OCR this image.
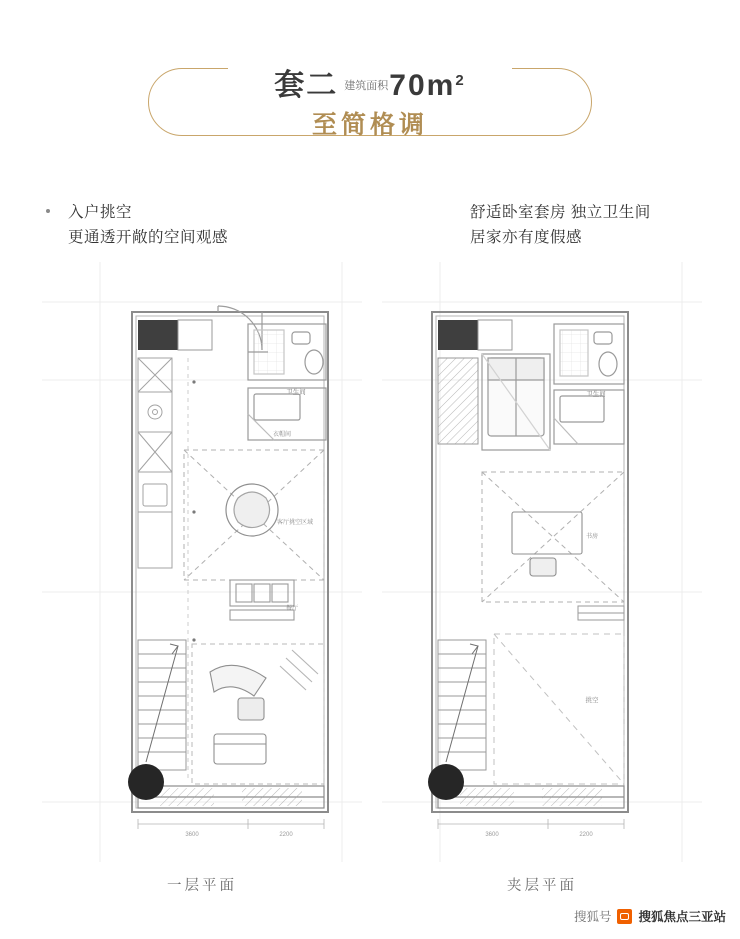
套二 $^{建筑面积}70m^2$
至简格调
入户挑空
更通透开敞的空间观感
舒适卧室套房 独立卫生间
居家亦有度假感
卫生间
衣帽间
客厅挑空区域
餐厅
3600	2200
一层平面
卫生间
书房
挑空
3600	2200
夹层平面
搜狐号 搜狐焦点三亚站
